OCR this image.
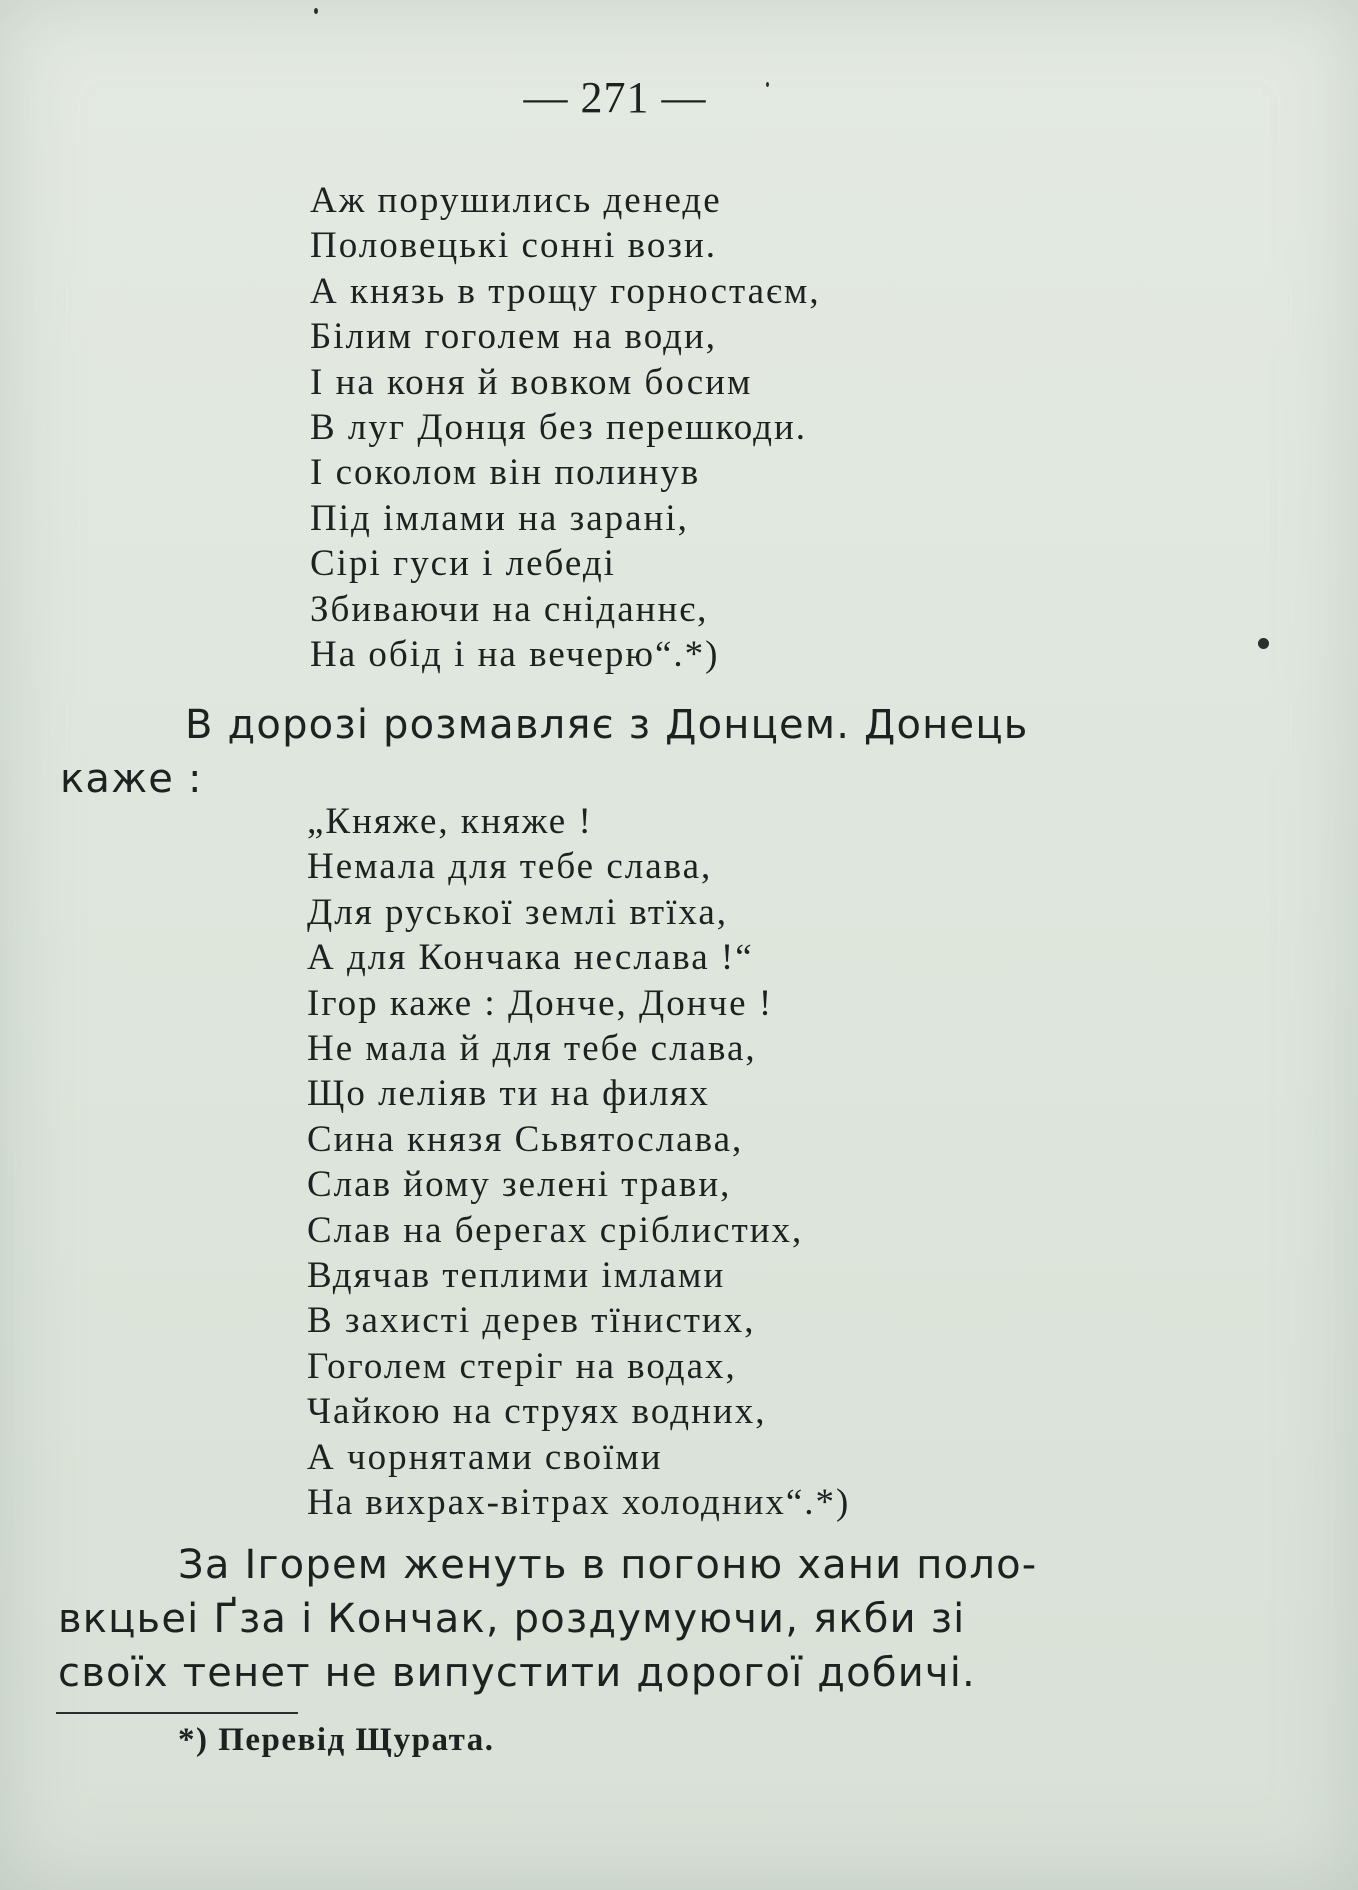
— 271 —
Аж порушились денеде
Половецькі сонні вози.
А князь в трощу горностаєм,
Білим гоголем на води,
І на коня й вовком босим
В луг Донця без перешкоди.
І соколом він полинув
Під імлами на зарані,
Сірі гуси і лебеді
Збиваючи на сніданнє,
На обід і на вечерю“.*)

В дорозі розмавляє з Донцем. Донець
каже :

„Княже, княже !
Немала для тебе слава,
Для руської землі втїха,
А для Кончака неслава !“
Ігор каже : Донче, Донче !
Не мала й для тебе слава,
Що леліяв ти на филях
Сина князя Сьвятослава,
Слав йому зелені трави,
Слав на берегах сріблистих,
Вдячав теплими імлами
В захисті дерев тїнистих,
Гоголем стеріг на водах,
Чайкою на струях водних,
А чорнятами своїми
На вихрах-вітрах холодних“.*)

За Ігорем женуть в погоню хани поло-
вкцьеі Ґза і Кончак, роздумуючи, якби зі
своїх тенет не випустити дорогої добичі.

*) Перевід Щурата.
